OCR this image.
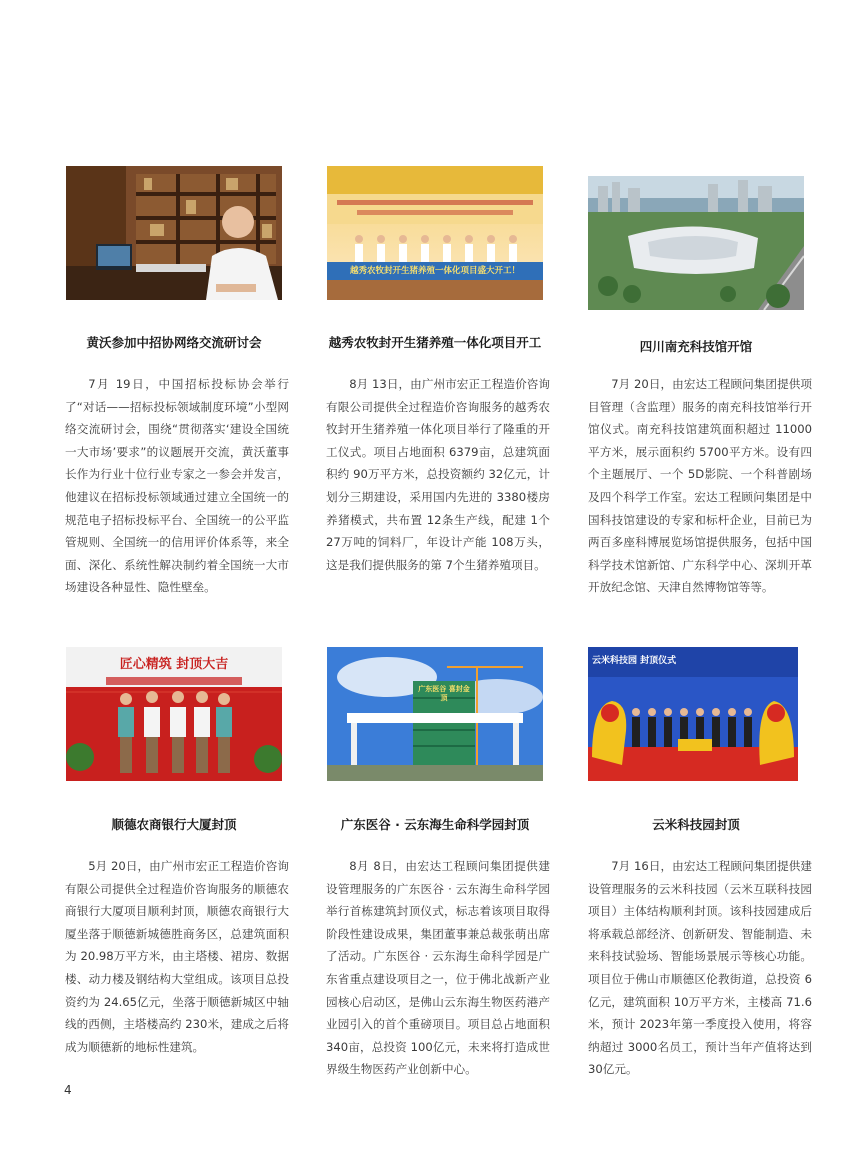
黄沃参加中招协网络交流研讨会

7月 19日，中国招标投标协会举行了“对话——招标投标领域制度环境”小型网络交流研讨会，围绕“贯彻落实‘建设全国统一大市场’要求”的议题展开交流，黄沃董事长作为行业十位行业专家之一参会并发言，他建议在招标投标领域通过建立全国统一的规范电子招标投标平台、全国统一的公平监管规则、全国统一的信用评价体系等，来全面、深化、系统性解决制约着全国统一大市场建设各种显性、隐性壁垒。

越秀农牧封开生猪养殖一体化项目盛大开工！
越秀农牧封开生猪养殖一体化项目开工

8月 13日，由广州市宏正工程造价咨询有限公司提供全过程造价咨询服务的越秀农牧封开生猪养殖一体化项目举行了隆重的开工仪式。项目占地面积 6379亩，总建筑面积约 90万平方米，总投资额约 32亿元，计划分三期建设，采用国内先进的 3380楼房养猪模式，共布置 12条生产线，配建 1个 27万吨的饲料厂，年设计产能 108万头，这是我们提供服务的第 7个生猪养殖项目。

四川南充科技馆开馆

7月 20日，由宏达工程顾问集团提供项目管理（含监理）服务的南充科技馆举行开馆仪式。南充科技馆建筑面积超过 11000平方米，展示面积约 5700平方米。设有四个主题展厅、一个 5D影院、一个科普剧场及四个科学工作室。宏达工程顾问集团是中国科技馆建设的专家和标杆企业，目前已为两百多座科博展览场馆提供服务，包括中国科学技术馆新馆、广东科学中心、深圳开革开放纪念馆、天津自然博物馆等等。

匠心精筑 封顶大吉
顺德农商银行大厦封顶

5月 20日，由广州市宏正工程造价咨询有限公司提供全过程造价咨询服务的顺德农商银行大厦项目顺利封顶，顺德农商银行大厦坐落于顺德新城德胜商务区，总建筑面积为 20.98万平方米，由主塔楼、裙房、数据楼、动力楼及钢结构大堂组成。该项目总投资约为 24.65亿元，坐落于顺德新城区中轴线的西侧，主塔楼高约 230米，建成之后将成为顺德新的地标性建筑。

广东医谷 喜封金顶
广东医谷 · 云东海生命科学园封顶

8月 8日，由宏达工程顾问集团提供建设管理服务的广东医谷 · 云东海生命科学园举行首栋建筑封顶仪式，标志着该项目取得阶段性建设成果，集团董事兼总裁张萌出席了活动。广东医谷 · 云东海生命科学园是广东省重点建设项目之一，位于佛北战新产业园核心启动区，是佛山云东海生物医药港产业园引入的首个重磅项目。项目总占地面积 340亩，总投资 100亿元，未来将打造成世界级生物医药产业创新中心。

云米科技园 封顶仪式
云米科技园封顶

7月 16日，由宏达工程顾问集团提供建设管理服务的云米科技园（云米互联科技园项目）主体结构顺利封顶。该科技园建成后将承载总部经济、创新研发、智能制造、未来科技试验场、智能场景展示等核心功能。项目位于佛山市顺德区伦教街道，总投资 6亿元，建筑面积 10万平方米，主楼高 71.6米，预计 2023年第一季度投入使用，将容纳超过 3000名员工，预计当年产值将达到 30亿元。

4
